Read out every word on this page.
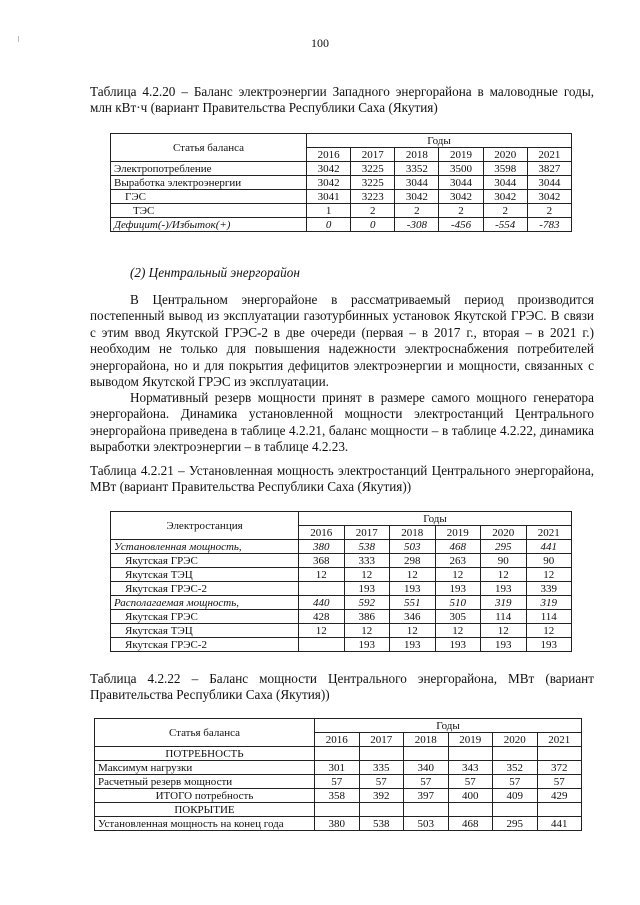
100
Таблица 4.2.20 – Баланс электроэнергии Западного энергорайона в маловодные годы, млн кВт·ч (вариант Правительства Республики Саха (Якутия)
Статья баланса	Годы					
	2016	2017	2018	2019	2020	2021
Электропотребление	3042	3225	3352	3500	3598	3827
Выработка электроэнергии	3042	3225	3044	3044	3044	3044
ГЭС	3041	3223	3042	3042	3042	3042
ТЭС	1	2	2	2	2	2
Дефицит(-)/Избыток(+)	0	0	-308	-456	-554	-783
(2) Центральный энергорайон

В Центральном энергорайоне в рассматриваемый период производится постепенный вывод из эксплуатации газотурбинных установок Якутской ГРЭС. В связи с этим ввод Якутской ГРЭС-2 в две очереди (первая – в 2017 г., вторая – в 2021 г.) необходим не только для повышения надежности электроснабжения потребителей энергорайона, но и для покрытия дефицитов электроэнергии и мощности, связанных с выводом Якутской ГРЭС из эксплуатации.

Нормативный резерв мощности принят в размере самого мощного генератора энергорайона. Динамика установленной мощности электростанций Центрального энергорайона приведена в таблице 4.2.21, баланс мощности – в таблице 4.2.22, динамика выработки электроэнергии – в таблице 4.2.23.

Таблица 4.2.21 – Установленная мощность электростанций Центрального энергорайона, МВт (вариант Правительства Республики Саха (Якутия))
Электростанция	Годы					
	2016	2017	2018	2019	2020	2021
Установленная мощность,	380	538	503	468	295	441
Якутская ГРЭС	368	333	298	263	90	90
Якутская ТЭЦ	12	12	12	12	12	12
Якутская ГРЭС-2		193	193	193	193	339
Располагаемая мощность,	440	592	551	510	319	319
Якутская ГРЭС	428	386	346	305	114	114
Якутская ТЭЦ	12	12	12	12	12	12
Якутская ГРЭС-2		193	193	193	193	193
Таблица 4.2.22 – Баланс мощности Центрального энергорайона, МВт (вариант Правительства Республики Саха (Якутия))
Статья баланса	Годы					
	2016	2017	2018	2019	2020	2021
ПОТРЕБНОСТЬ						
Максимум нагрузки	301	335	340	343	352	372
Расчетный резерв мощности	57	57	57	57	57	57
ИТОГО потребность	358	392	397	400	409	429
ПОКРЫТИЕ						
Установленная мощность на конец года	380	538	503	468	295	441
